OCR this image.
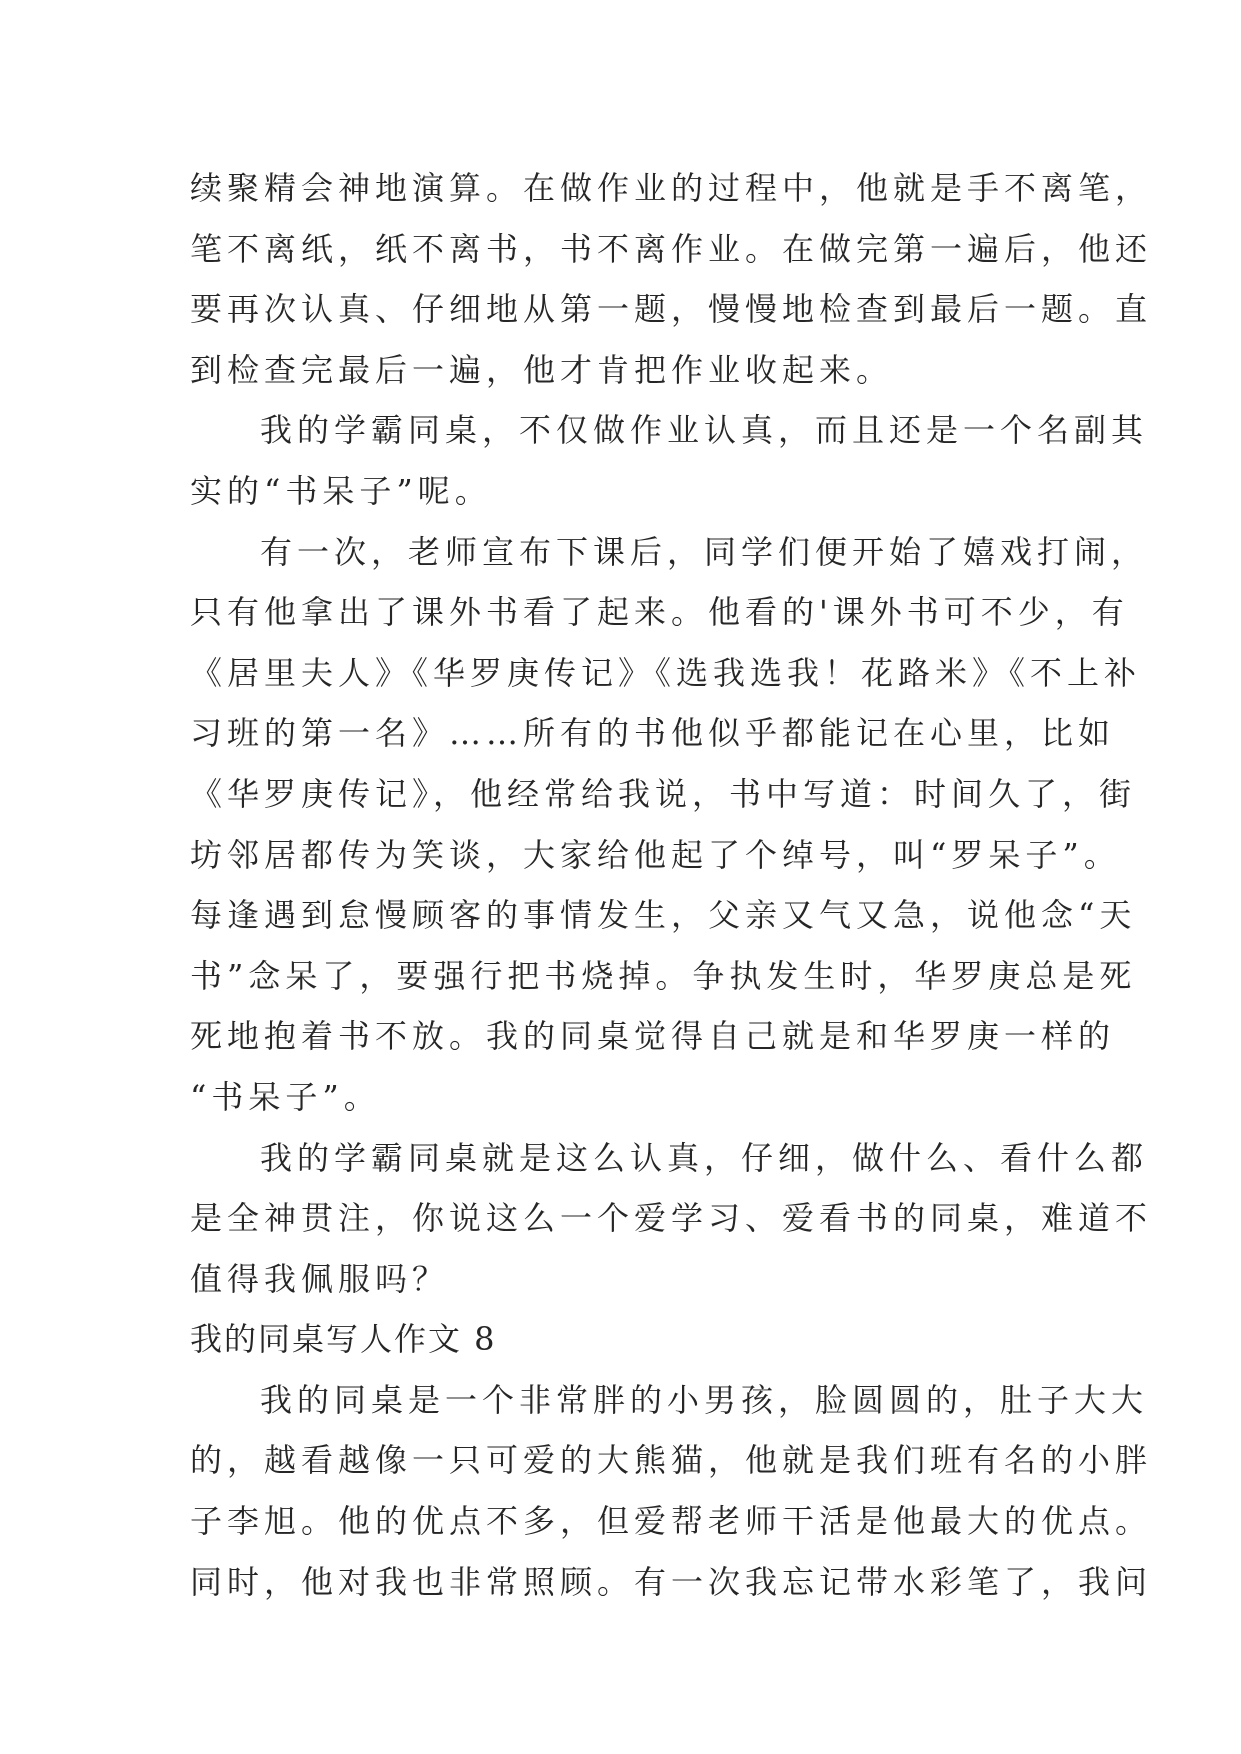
续聚精会神地演算。在做作业的过程中，他就是手不离笔，
笔不离纸，纸不离书，书不离作业。在做完第一遍后，他还
要再次认真、仔细地从第一题，慢慢地检查到最后一题。直
到检查完最后一遍，他才肯把作业收起来。
我的学霸同桌，不仅做作业认真，而且还是一个名副其
实的“书呆子”呢。
有一次，老师宣布下课后，同学们便开始了嬉戏打闹，
只有他拿出了课外书看了起来。他看的'课外书可不少，有
《居里夫人》《华罗庚传记》《选我选我！花路米》《不上补
习班的第一名》……所有的书他似乎都能记在心里，比如
《华罗庚传记》，他经常给我说，书中写道：时间久了，街
坊邻居都传为笑谈，大家给他起了个绰号，叫“罗呆子”。
每逢遇到怠慢顾客的事情发生，父亲又气又急，说他念“天
书”念呆了，要强行把书烧掉。争执发生时，华罗庚总是死
死地抱着书不放。我的同桌觉得自己就是和华罗庚一样的
“书呆子”。
我的学霸同桌就是这么认真，仔细，做什么、看什么都
是全神贯注，你说这么一个爱学习、爱看书的同桌，难道不
值得我佩服吗？
我的同桌写人作文 8
我的同桌是一个非常胖的小男孩，脸圆圆的，肚子大大
的，越看越像一只可爱的大熊猫，他就是我们班有名的小胖
子李旭。他的优点不多，但爱帮老师干活是他最大的优点。
同时，他对我也非常照顾。有一次我忘记带水彩笔了，我问
